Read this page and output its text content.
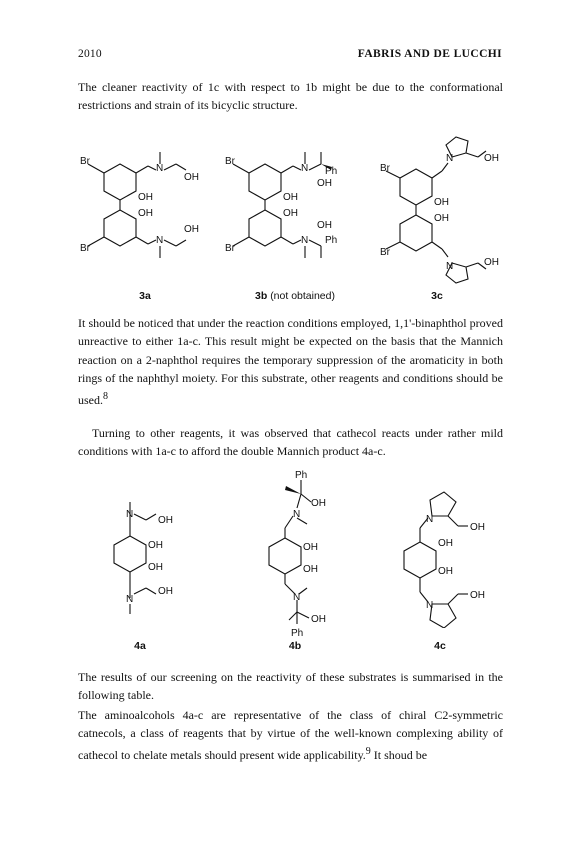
2010	FABRIS AND DE LUCCHI
The cleaner reactivity of 1c with respect to 1b might be due to the conformational restrictions and strain of its bicyclic structure.
Br
Br
N
N
OH
OH
OH
OH
3a
Br
Br
N
N
Ph
Ph
OH
OH
OH
OH
3b (not obtained)
Br
Br
N
N
OH
OH
OH
OH
3c
It should be noticed that under the reaction conditions employed, 1,1'-binaphthol proved unreactive to either 1a-c. This result might be expected on the basis that the Mannich reaction on a 2-naphthol requires the temporary suppression of the aromaticity in both rings of the naphthyl moiety. For this substrate, other reagents and conditions should be used.$^8$
Turning to other reagents, it was observed that cathecol reacts under rather mild conditions with 1a-c to afford the double Mannich product 4a-c.
N
N
OH
OH
OH
OH
4a
Ph
OH
N
OH
OH
N
OH
Ph
4b
N
N
OH
OH
OH
OH
4c
The results of our screening on the reactivity of these substrates is summarised in the following table.
The aminoalcohols 4a-c are representative of the class of chiral C2-symmetric catnecols, a class of reagents that by virtue of the well-known complexing ability of cathecol to chelate metals should present wide applicability.$^9$ It shoud be
